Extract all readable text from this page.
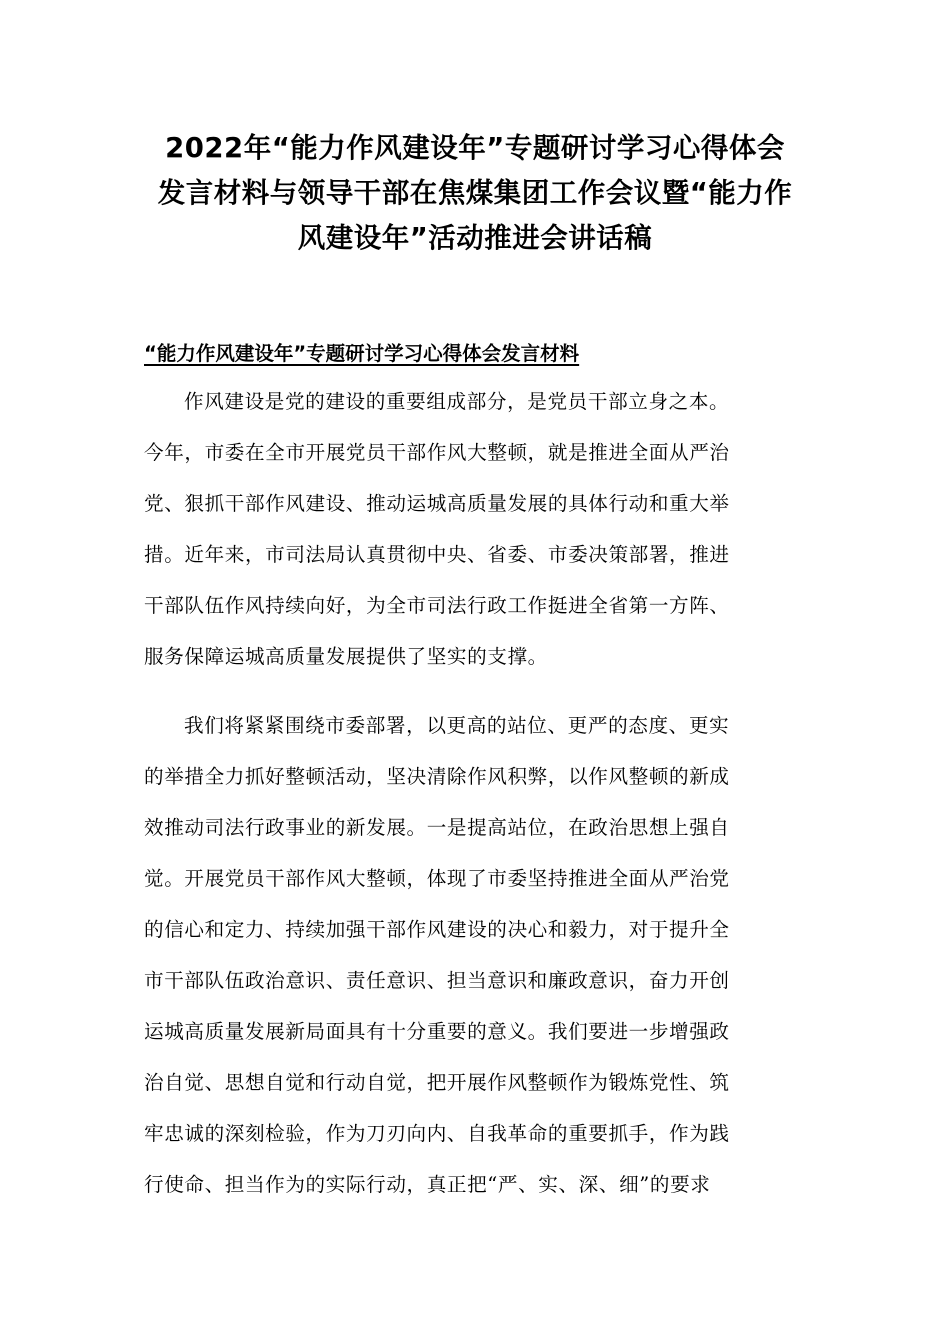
2022年“能力作风建设年”专题研讨学习心得体会
发言材料与领导干部在焦煤集团工作会议暨“能力作
风建设年”活动推进会讲话稿
“能力作风建设年”专题研讨学习心得体会发言材料
作风建设是党的建设的重要组成部分，是党员干部立身之本。
今年，市委在全市开展党员干部作风大整顿，就是推进全面从严治
党、狠抓干部作风建设、推动运城高质量发展的具体行动和重大举
措。近年来，市司法局认真贯彻中央、省委、市委决策部署，推进
干部队伍作风持续向好，为全市司法行政工作挺进全省第一方阵、
服务保障运城高质量发展提供了坚实的支撑。
我们将紧紧围绕市委部署，以更高的站位、更严的态度、更实
的举措全力抓好整顿活动，坚决清除作风积弊，以作风整顿的新成
效推动司法行政事业的新发展。一是提高站位，在政治思想上强自
觉。开展党员干部作风大整顿，体现了市委坚持推进全面从严治党
的信心和定力、持续加强干部作风建设的决心和毅力，对于提升全
市干部队伍政治意识、责任意识、担当意识和廉政意识，奋力开创
运城高质量发展新局面具有十分重要的意义。我们要进一步增强政
治自觉、思想自觉和行动自觉，把开展作风整顿作为锻炼党性、筑
牢忠诚的深刻检验，作为刀刃向内、自我革命的重要抓手，作为践
行使命、担当作为的实际行动，真正把“严、实、深、细”的要求
